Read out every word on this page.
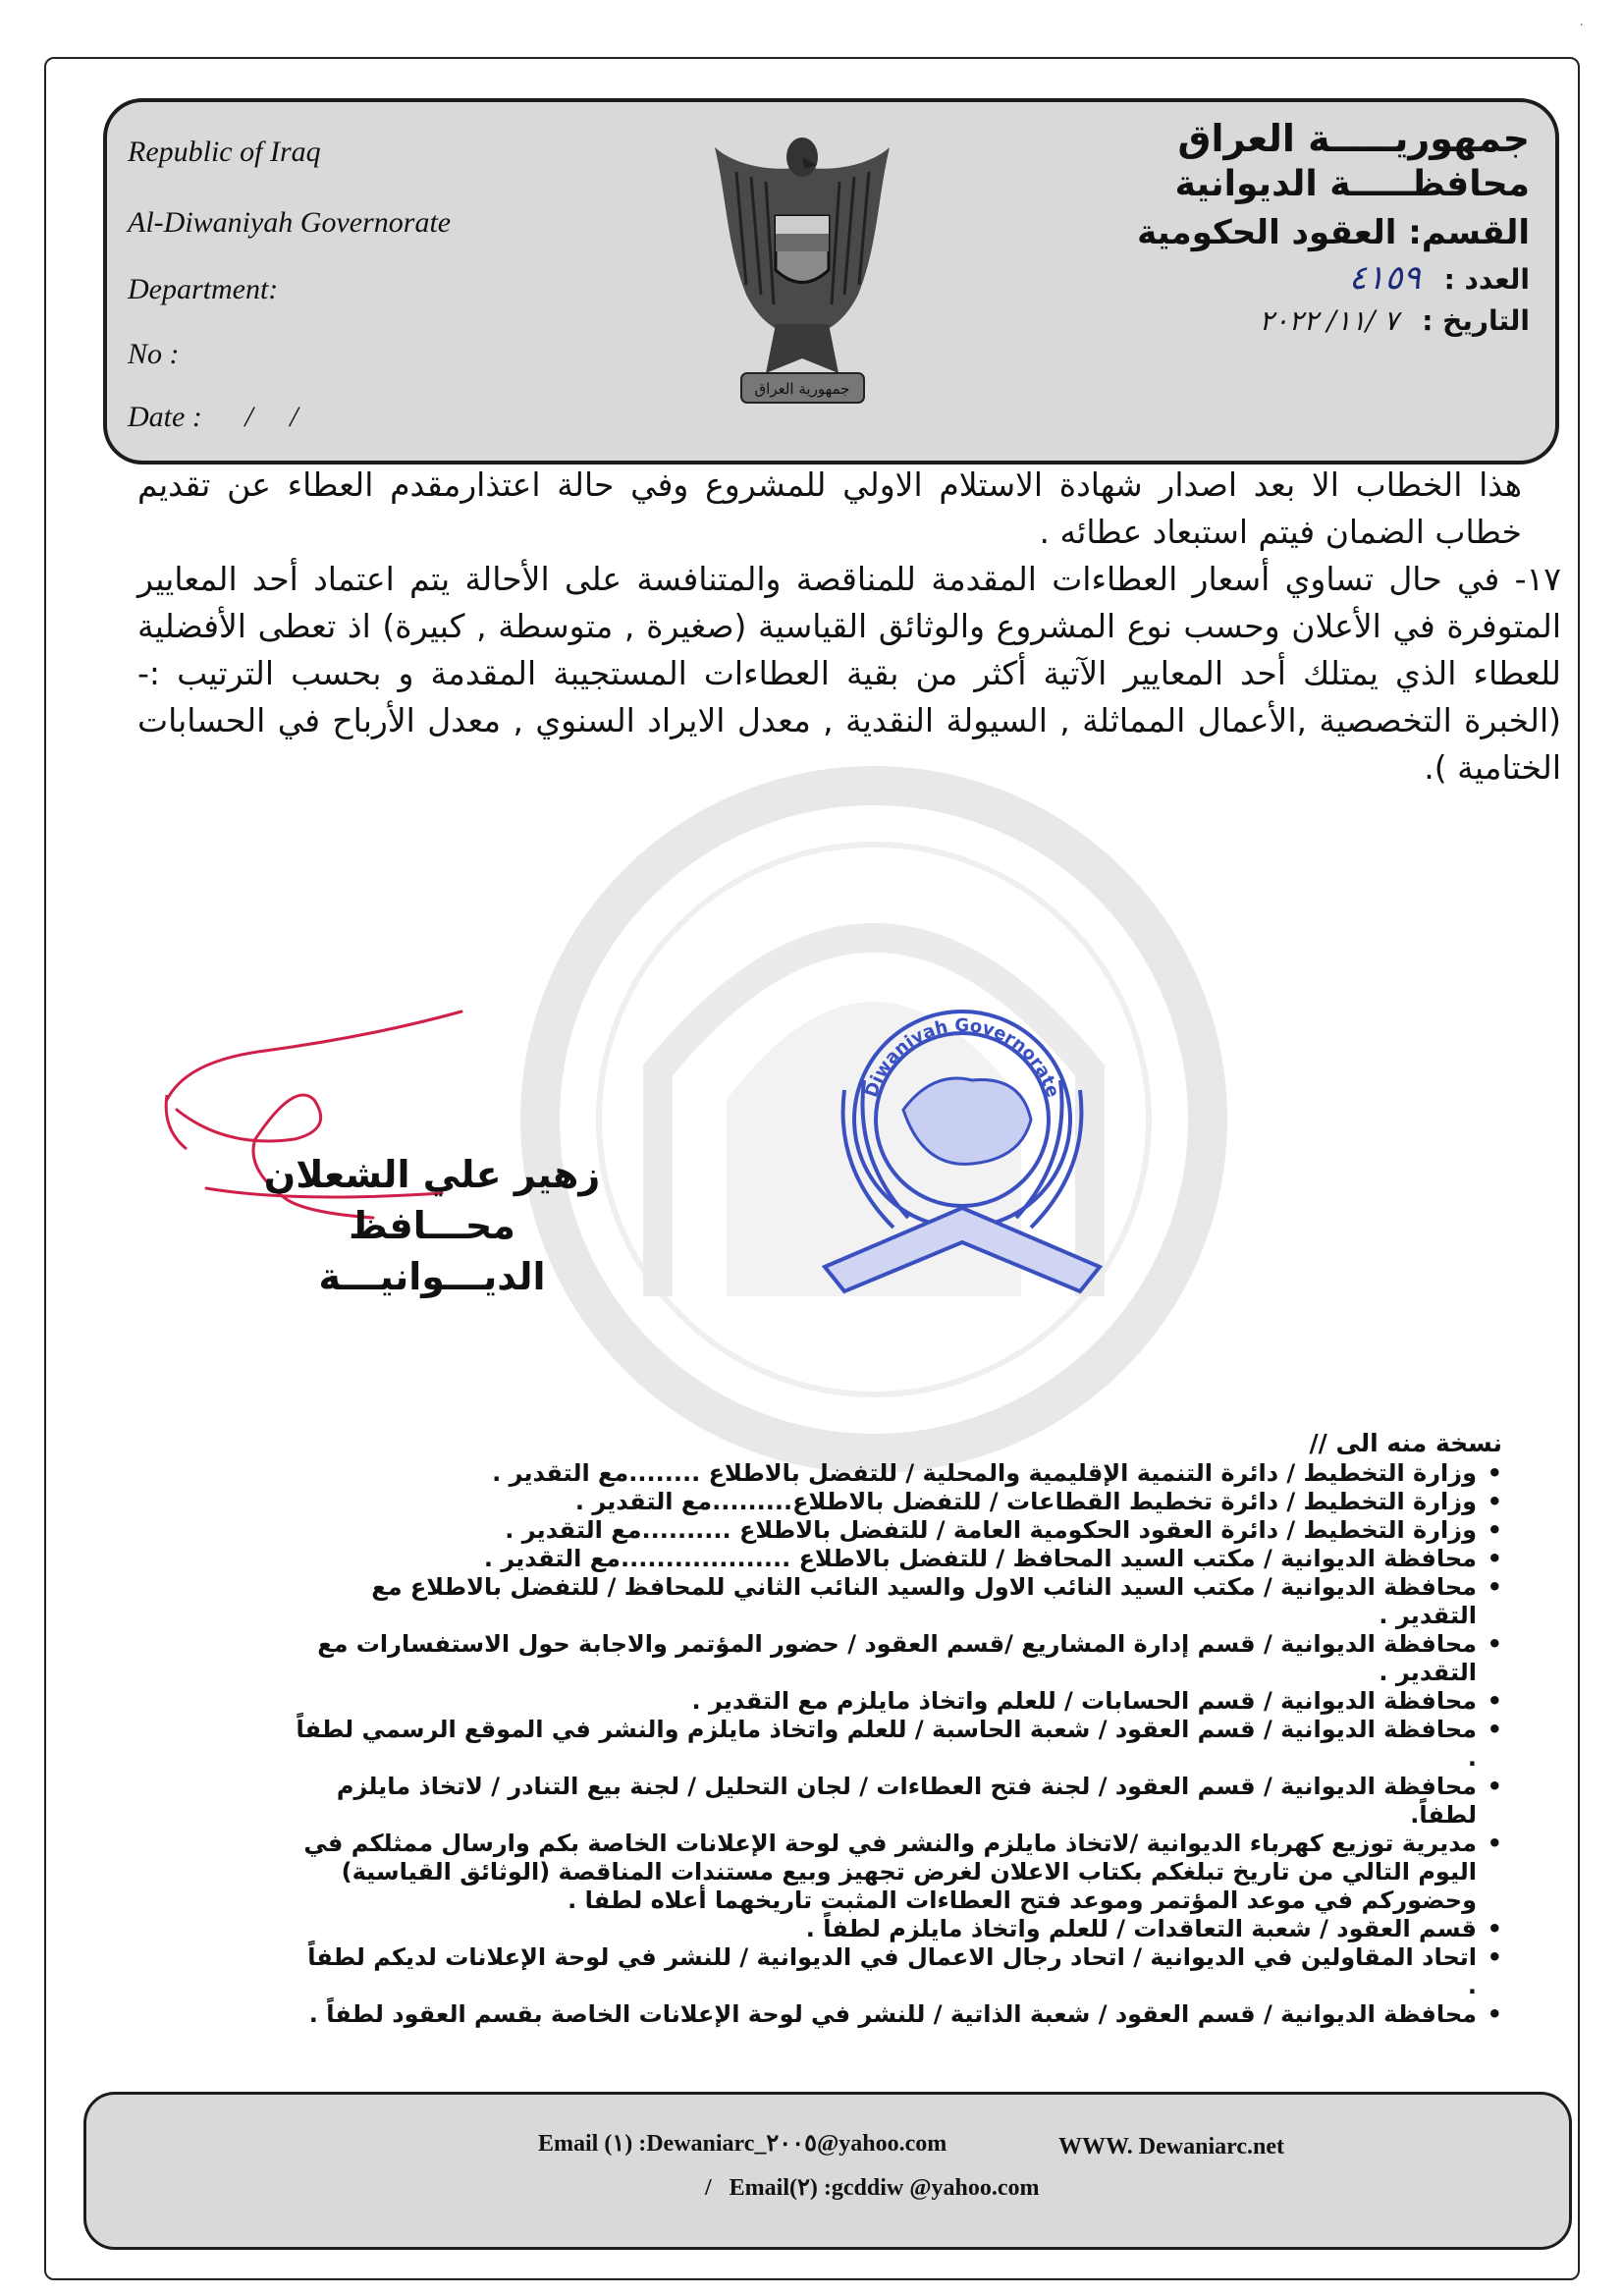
·
Republic of Iraq
Al-Diwaniyah Governorate
Department:
No :
Date : /     /
جمهورية العراق
جمهوريـــــة العراق
محافظـــــة الديوانية
القسم: العقود الحكومية
العدد : ٤١٥٩
التاريخ : ٧ /١١/ ٢٠٢٢

هذا الخطاب الا بعد اصدار شهادة الاستلام الاولي للمشروع وفي حالة اعتذارمقدم العطاء عن تقديم خطاب الضمان فيتم استبعاد عطائه .

١٧- في حال تساوي أسعار العطاءات المقدمة للمناقصة والمتنافسة على الأحالة يتم اعتماد أحد المعايير المتوفرة في الأعلان وحسب نوع المشروع والوثائق القياسية (صغيرة , متوسطة , كبيرة) اذ تعطى الأفضلية للعطاء الذي يمتلك أحد المعايير الآتية أكثر من بقية العطاءات المستجيبة المقدمة و بحسب الترتيب :- (الخبرة التخصصية ,الأعمال المماثلة , السيولة النقدية , معدل الايراد السنوي , معدل الأرباح في الحسابات الختامية ).

Diwaniyah Governorate
زهير علي الشعلان
محـــافظ الديـــوانيـــة
نسخة منه الى //
• وزارة التخطيط / دائرة التنمية الإقليمية والمحلية / للتفضل بالاطلاع ........مع التقدير .
• وزارة التخطيط / دائرة تخطيط القطاعات / للتفضل بالاطلاع.........مع التقدير .
• وزارة التخطيط / دائرة العقود الحكومية العامة / للتفضل بالاطلاع ..........مع التقدير .
• محافظة الديوانية / مكتب السيد المحافظ / للتفضل بالاطلاع ...................مع التقدير .
• محافظة الديوانية / مكتب السيد النائب الاول والسيد النائب الثاني للمحافظ / للتفضل بالاطلاع مع التقدير .
• محافظة الديوانية / قسم إدارة المشاريع /قسم العقود / حضور المؤتمر والاجابة حول الاستفسارات مع التقدير .
• محافظة الديوانية / قسم الحسابات / للعلم واتخاذ مايلزم مع التقدير .
• محافظة الديوانية / قسم العقود / شعبة الحاسبة / للعلم واتخاذ مايلزم والنشر في الموقع الرسمي لطفاً .
• محافظة الديوانية / قسم العقود / لجنة فتح العطاءات / لجان التحليل / لجنة بيع التنادر / لاتخاذ مايلزم لطفاً.
• مديرية توزيع كهرباء الديوانية /لاتخاذ مايلزم والنشر في لوحة الإعلانات الخاصة بكم وارسال ممثلكم في اليوم التالي من تاريخ تبلغكم بكتاب الاعلان لغرض تجهيز وبيع مستندات المناقصة (الوثائق القياسية) وحضوركم في موعد المؤتمر وموعد فتح العطاءات المثبت تاريخهما أعلاه لطفا .
• قسم العقود / شعبة التعاقدات / للعلم واتخاذ مايلزم لطفاً .
• اتحاد المقاولين في الديوانية / اتحاد رجال الاعمال في الديوانية / للنشر في لوحة الإعلانات لديكم لطفاً .
• محافظة الديوانية / قسم العقود / شعبة الذاتية / للنشر في لوحة الإعلانات الخاصة بقسم العقود لطفاً .
Email (١) :Dewaniarc_٢٠٠٥@yahoo.com	WWW. Dewaniarc.net
/   Email(٢) :gcddiw @yahoo.com
